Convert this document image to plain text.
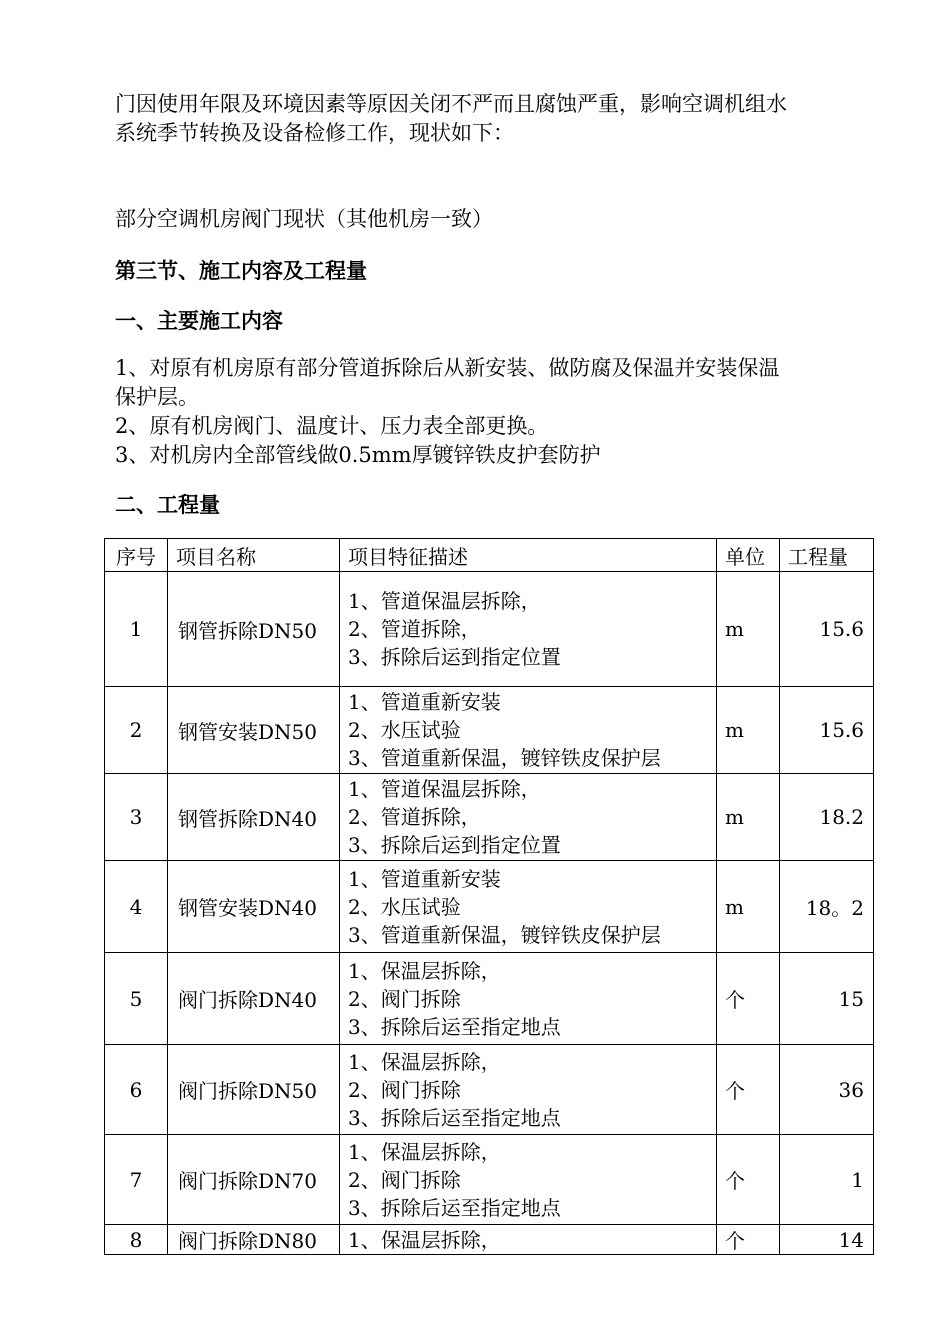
门因使用年限及环境因素等原因关闭不严而且腐蚀严重，影响空调机组水
系统季节转换及设备检修工作，现状如下：

部分空调机房阀门现状（其他机房一致）

第三节、施工内容及工程量
一、主要施工内容

1、对原有机房原有部分管道拆除后从新安装、做防腐及保温并安装保温
保护层。
2、原有机房阀门、温度计、压力表全部更换。
3、对机房内全部管线做0.5mm厚镀锌铁皮护套防护

二、工程量
序号	项目名称	项目特征描述	单位	工程量
1	钢管拆除DN50	1、管道保温层拆除，
2、管道拆除，
3、拆除后运到指定位置	m	15.6
2	钢管安装DN50	1、管道重新安装
2、水压试验
3、管道重新保温，镀锌铁皮保护层	m	15.6
3	钢管拆除DN40	1、管道保温层拆除，
2、管道拆除，
3、拆除后运到指定位置	m	18.2
4	钢管安装DN40	1、管道重新安装
2、水压试验
3、管道重新保温，镀锌铁皮保护层	m	18。2
5	阀门拆除DN40	1、保温层拆除，
2、阀门拆除
3、拆除后运至指定地点	个	15
6	阀门拆除DN50	1、保温层拆除，
2、阀门拆除
3、拆除后运至指定地点	个	36
7	阀门拆除DN70	1、保温层拆除，
2、阀门拆除
3、拆除后运至指定地点	个	1
8	阀门拆除DN80	1、保温层拆除，	个	14
